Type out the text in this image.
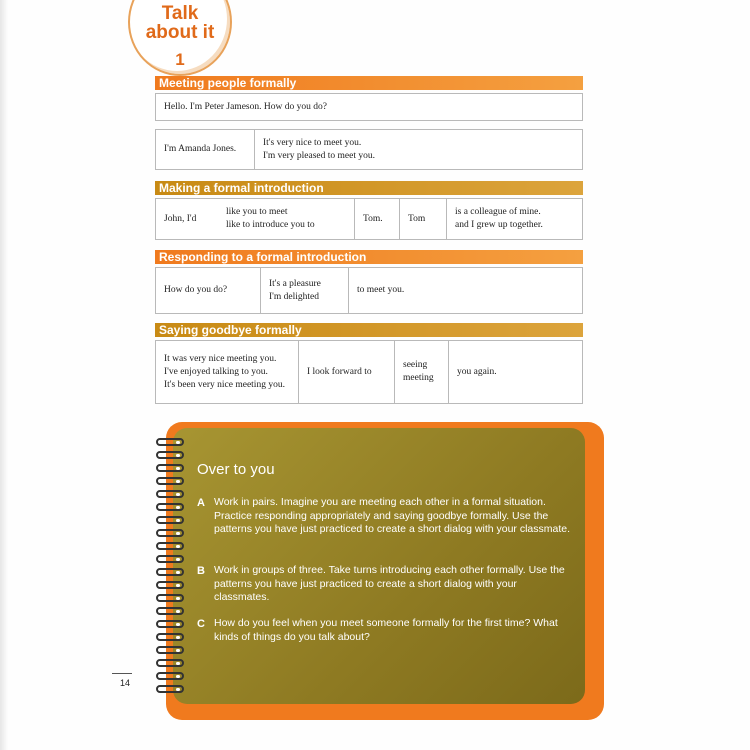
Talk
about it
1
Meeting people formally
Hello. I'm Peter Jameson. How do you do?
I'm Amanda Jones.
It's very nice to meet you.
I'm very pleased to meet you.
Making a formal introduction
John, I'd
like you to meet
like to introduce you to
Tom.	Tom
is a colleague of mine.
and I grew up together.
Responding to a formal introduction
How do you do?
It's a pleasure
I'm delighted
to meet you.
Saying goodbye formally
It was very nice meeting you.
I've enjoyed talking to you.
It's been very nice meeting you.
I look forward to
seeing
meeting
you again.
Over to you
A Work in pairs. Imagine you are meeting each other in a formal situation. Practice responding appropriately and saying goodbye formally. Use the patterns you have just practiced to create a short dialog with your classmate.
B Work in groups of three. Take turns introducing each other formally. Use the patterns you have just practiced to create a short dialog with your classmates.
C How do you feel when you meet someone formally for the first time? What kinds of things do you talk about?
14
